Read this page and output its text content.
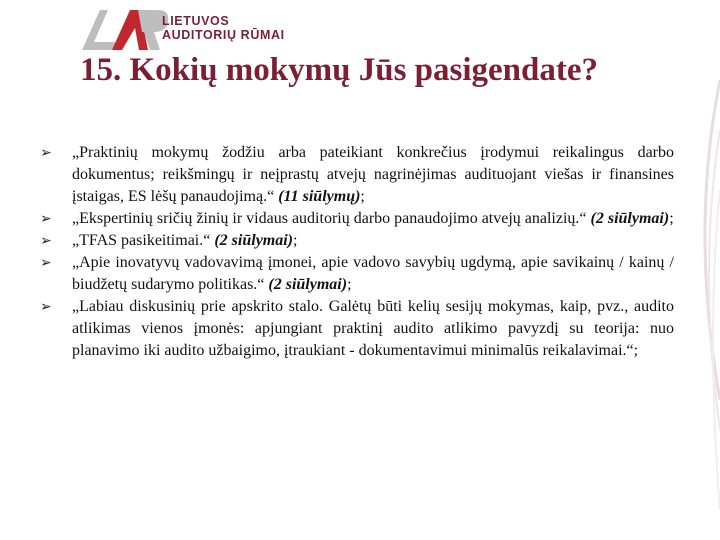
LIETUVOS
AUDITORIŲ RŪMAI
15. Kokių mokymų Jūs pasigendate?
➢ „Praktinių mokymų žodžiu arba pateikiant konkrečius įrodymui reikalingus darbo dokumentus; reikšmingų ir neįprastų atvejų nagrinėjimas audituojant viešas ir finansines įstaigas, ES lėšų panaudojimą.“ (11 siūlymų);
➢ „Ekspertinių sričių žinių ir vidaus auditorių darbo panaudojimo atvejų analizių.“ (2 siūlymai);
➢ „TFAS pasikeitimai.“ (2 siūlymai);
➢ „Apie inovatyvų vadovavimą įmonei, apie vadovo savybių ugdymą, apie savikainų / kainų / biudžetų sudarymo politikas.“ (2 siūlymai);
➢ „Labiau diskusinių prie apskrito stalo. Galėtų būti kelių sesijų mokymas, kaip, pvz., audito atlikimas vienos įmonės: apjungiant praktinį audito atlikimo pavyzdį su teorija: nuo planavimo iki audito užbaigimo, įtraukiant - dokumentavimui minimalūs reikalavimai.“;
